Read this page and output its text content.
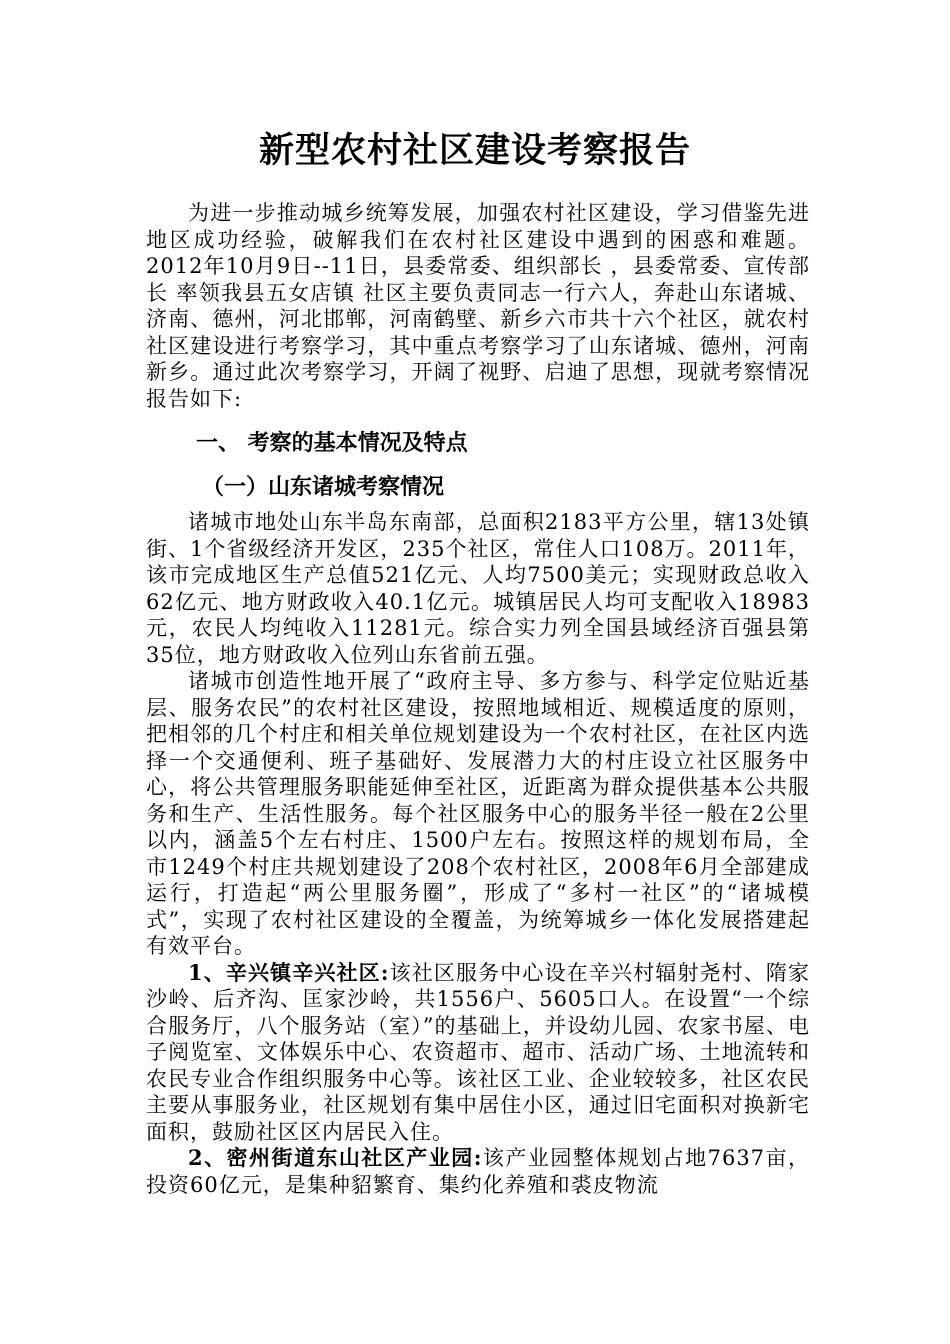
新型农村社区建设考察报告

为进一步推动城乡统筹发展，加强农村社区建设，学习借鉴先进地区成功经验，破解我们在农村社区建设中遇到的困惑和难题。2012年10月9日--11日，县委常委、组织部长 ，县委常委、宣传部长 率领我县五女店镇 社区主要负责同志一行六人，奔赴山东诸城、济南、德州，河北邯郸，河南鹤壁、新乡六市共十六个社区，就农村社区建设进行考察学习，其中重点考察学习了山东诸城、德州，河南新乡。通过此次考察学习，开阔了视野、启迪了思想，现就考察情况报告如下:

一、 考察的基本情况及特点
（一）山东诸城考察情况

诸城市地处山东半岛东南部，总面积2183平方公里，辖13处镇街、1个省级经济开发区，235个社区，常住人口108万。2011年，该市完成地区生产总值521亿元、人均7500美元；实现财政总收入62亿元、地方财政收入40.1亿元。城镇居民人均可支配收入18983元，农民人均纯收入11281元。综合实力列全国县域经济百强县第35位，地方财政收入位列山东省前五强。

诸城市创造性地开展了“政府主导、多方参与、科学定位贴近基层、服务农民”的农村社区建设，按照地域相近、规模适度的原则，把相邻的几个村庄和相关单位规划建设为一个农村社区，在社区内选择一个交通便利、班子基础好、发展潜力大的村庄设立社区服务中心，将公共管理服务职能延伸至社区，近距离为群众提供基本公共服务和生产、生活性服务。每个社区服务中心的服务半径一般在2公里以内，涵盖5个左右村庄、1500户左右。按照这样的规划布局，全市1249个村庄共规划建设了208个农村社区，2008年6月全部建成运行，打造起“两公里服务圈”，形成了“多村一社区”的“诸城模式”，实现了农村社区建设的全覆盖，为统筹城乡一体化发展搭建起有效平台。

1、辛兴镇辛兴社区:该社区服务中心设在辛兴村辐射尧村、隋家沙岭、后齐沟、匡家沙岭，共1556户、5605口人。在设置“一个综合服务厅，八个服务站（室）”的基础上，并设幼儿园、农家书屋、电子阅览室、文体娱乐中心、农资超市、超市、活动广场、土地流转和农民专业合作组织服务中心等。该社区工业、企业较较多，社区农民主要从事服务业，社区规划有集中居住小区，通过旧宅面积对换新宅面积，鼓励社区区内居民入住。

2、密州街道东山社区产业园:该产业园整体规划占地7637亩，投资60亿元，是集种貂繁育、集约化养殖和裘皮物流
